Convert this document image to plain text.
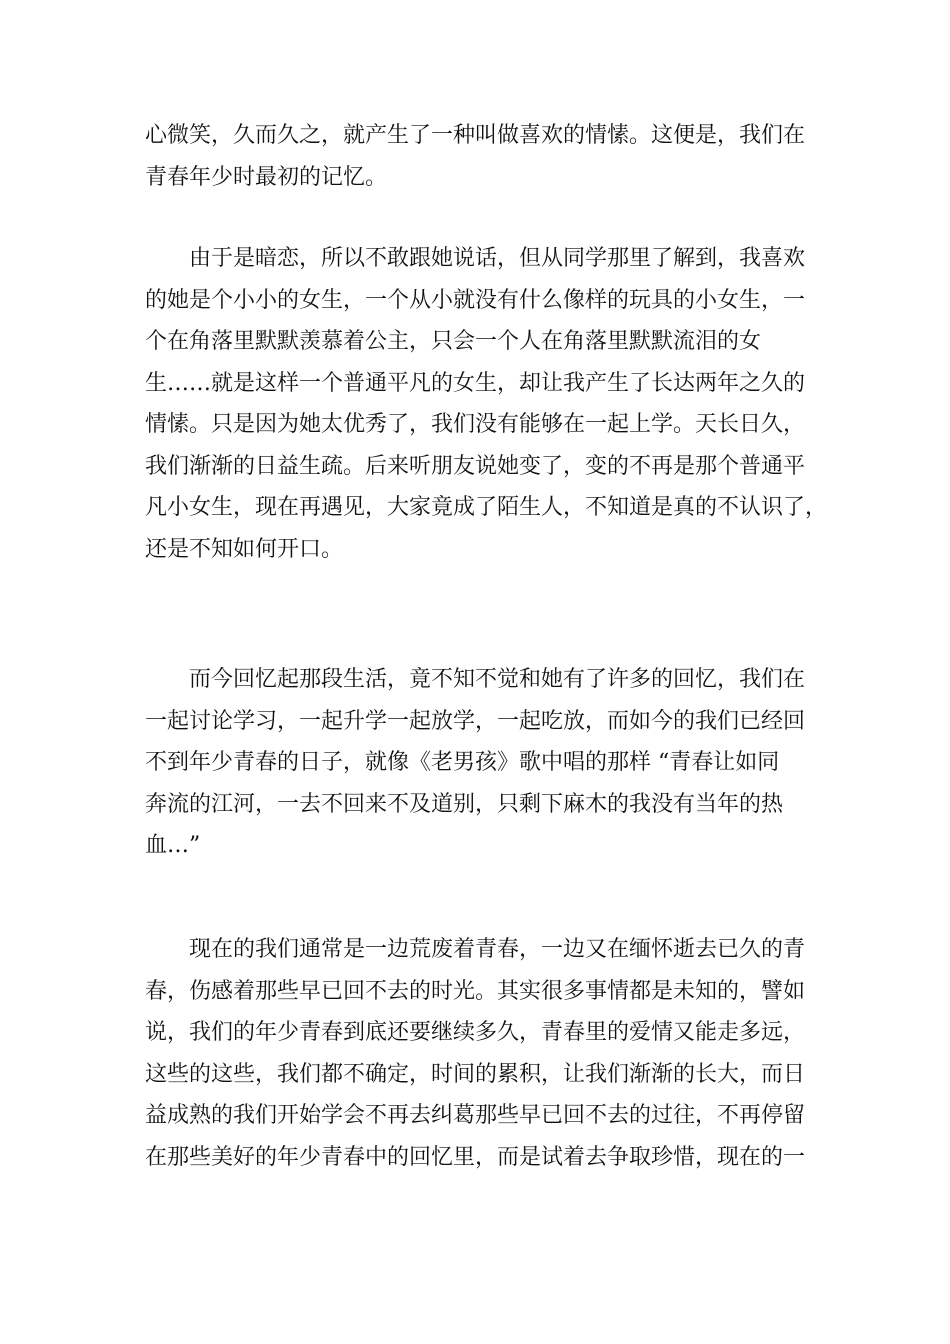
心微笑，久而久之，就产生了一种叫做喜欢的情愫。这便是，我们在
青春年少时最初的记忆。
由于是暗恋，所以不敢跟她说话，但从同学那里了解到，我喜欢
的她是个小小的女生，一个从小就没有什么像样的玩具的小女生，一
个在角落里默默羡慕着公主，只会一个人在角落里默默流泪的女
生……就是这样一个普通平凡的女生，却让我产生了长达两年之久的
情愫。只是因为她太优秀了，我们没有能够在一起上学。天长日久，
我们渐渐的日益生疏。后来听朋友说她变了，变的不再是那个普通平
凡小女生，现在再遇见，大家竟成了陌生人，不知道是真的不认识了，
还是不知如何开口。
而今回忆起那段生活，竟不知不觉和她有了许多的回忆，我们在
一起讨论学习，一起升学一起放学，一起吃放，而如今的我们已经回
不到年少青春的日子，就像《老男孩》歌中唱的那样 “青春让如同
奔流的江河，一去不回来不及道别，只剩下麻木的我没有当年的热
血…”
现在的我们通常是一边荒废着青春，一边又在缅怀逝去已久的青
春，伤感着那些早已回不去的时光。其实很多事情都是未知的，譬如
说，我们的年少青春到底还要继续多久，青春里的爱情又能走多远，
这些的这些，我们都不确定，时间的累积，让我们渐渐的长大，而日
益成熟的我们开始学会不再去纠葛那些早已回不去的过往，不再停留
在那些美好的年少青春中的回忆里，而是试着去争取珍惜，现在的一
